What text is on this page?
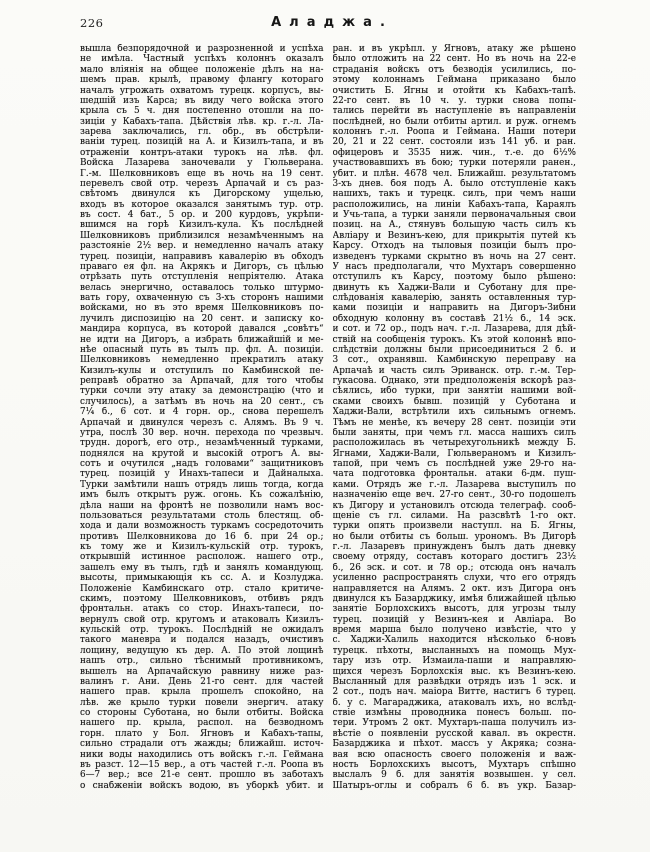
226	Аладжа.
вышла безпорядочной и разрозненной и успѣха
не имѣла. Частный успѣхъ колоннъ оказалъ
мало вліянія на общее положеніе дѣлъ на на-
шемъ прав. крылѣ, правому флангу котораго
началъ угрожать охватомъ турецк. корпусъ, вы-
шедшій изъ Карса; въ виду чего войска этого
крыла съ 5 ч. дня постепенно отошли на по-
зиціи у Кабахъ-тапа. Дѣйствія лѣв. кр. г.-л. Ла-
зарева заключались, гл. обр., въ обстрѣли-
ваніи турец. позицій на А. и Кизилъ-тапа, и въ
отраженіи контръ-атаки турокъ на лѣв. фл.
Войска Лазарева заночевали у Гюльверана.
Г.-м. Шелковниковъ еще въ ночь на 19 сент.
перевелъ свой отр. черезъ Арпачай и съ раз-
свѣтомъ двинулся къ Дигорскому ущелью,
входъ въ которое оказался занятымъ тур. отр.
въ сост. 4 бат., 5 ор. и 200 курдовъ, укрѣпи-
вшимся на горѣ Кизилъ-кула. Къ послѣдней
Шелковниковъ приблизился незамѣченнымъ на
разстояніе 2½ вер. и немедленно началъ атаку
турец. позиціи, направивъ кавалерію въ обходъ
праваго ея фл. на Акрякъ и Дигоръ, съ цѣлью
отрѣзать путь отступленія непріятелю. Атака
велась энергично, оставалось только штурмо-
вать гору, охваченную съ 3-хъ сторонъ нашими
войсками, но въ это время Шелковниковъ по-
лучилъ диспозицію на 20 сент. и записку ко-
мандира корпуса, въ которой давался „совѣтъ“
не идти на Дигоръ, а избрать ближайшій и ме-
нѣе опасный путь въ тылъ пр. фл. А. позиціи.
Шелковниковъ немедленно прекратилъ атаку
Кизилъ-кулы и отступилъ по Камбинской пе-
реправѣ обратно за Арпачай, для того чтобы
турки сочли эту атаку за демонстрацію (что и
случилось), а затѣмъ въ ночь на 20 сент., съ
7¼ б., 6 сот. и 4 горн. ор., снова перешелъ
Арпачай и двинулся черезъ с. Алямъ. Въ 9 ч.
утра, послѣ 30 вер. ночн. перехода по чрезвыч.
трудн. дорогѣ, его отр., незамѣченный турками,
поднялся на крутой и высокій отрогъ А. вы-
сотъ и очутился „надъ головами“ защитниковъ
турец. позицій у Инахъ-тапеси и Дайналыха.
Турки замѣтили нашъ отрядъ лишь тогда, когда
имъ былъ открытъ руж. огонь. Къ сожалѣнію,
дѣла наши на фронтѣ не позволили намъ вос-
пользоваться результатами столь блестящ. об-
хода и дали возможность туркамъ сосредоточить
противъ Шелковникова до 16 б. при 24 ор.;
къ тому же и Кизилъ-кульскій отр. турокъ,
открывшій истинное располож. нашего отр.,
зашелъ ему въ тылъ, гдѣ и занялъ командующ.
высоты, примыкающія къ сс. А. и Козлуджа.
Положеніе Камбинскаго отр. стало критиче-
скимъ, поэтому Шелковниковъ, отбивъ рядъ
фронтальн. атакъ со стор. Инахъ-тапеси, по-
вернулъ свой отр. кругомъ и атаковалъ Кизилъ-
кульскій отр. турокъ. Послѣдній не ожидалъ
такого маневра и подался назадъ, очистивъ
лощину, ведущую къ дер. А. По этой лощинѣ
нашъ отр., сильно тѣснимый противникомъ,
вышелъ на Арпачайскую равнину ниже раз-
валинъ г. Ани. День 21-го сент. для частей
нашего прав. крыла прошелъ спокойно, на
лѣв. же крыло турки повели энергич. атаку
со стороны Суботана, но были отбиты. Войска
нашего пр. крыла, распол. на безводномъ
горн. плато у Бол. Ягновъ и Кабахъ-тапы,
сильно страдали отъ жажды; ближайш. источ-
ники воды находились отъ войскъ г.-л. Геймана
въ разст. 12—15 вер., а отъ частей г.-л. Роопа въ
6—7 вер.; все 21-е сент. прошло въ заботахъ
о снабженіи войскъ водою, въ уборкѣ убит. и
ран. и въ укрѣпл. у Ягновъ, атаку же рѣшено
было отложить на 22 сент. Но въ ночь на 22-е
страданія войскъ отъ безводія усилились, по-
этому колоннамъ Геймана приказано было
очистить Б. Ягны и отойти къ Кабахъ-тапѣ.
22-го сент. въ 10 ч. у. турки снова попы-
тались перейти въ наступленіе въ направленіи
послѣдней, но были отбиты артил. и руж. огнемъ
колоннъ г.-л. Роопа и Геймана. Наши потери
20, 21 и 22 сент. состояли изъ 141 уб. и ран.
офицеровъ и 3535 ниж. чин., т.-е. до 6½%
участвовавшихъ въ бою; турки потеряли ранен.,
убит. и плѣн. 4678 чел. Ближайш. результатомъ
3-хъ днев. боя подъ А. было отступленіе какъ
нашихъ, такъ и турецк. силъ, при чемъ наши
расположились, на линіи Кабахъ-тапа, Караялъ
и Учь-тапа, а турки заняли первоначальныя свои
позиц. на А., стянувъ большую часть силъ къ
Авліару и Везинъ-кею, для прикрытія путей къ
Карсу. Отходъ на тыловыя позиціи былъ про-
изведенъ турками скрытно въ ночь на 27 сент.
У насъ предполагали, что Мухтаръ совершенно
отступилъ къ Карсу, поэтому было рѣшено:
двинуть къ Хаджи-Вали и Суботану для пре-
слѣдованія кавалерію, занять оставленныя тур-
ками позиціи и направить на Дигоръ-Зибни
обходную колонну въ составѣ 21½ б., 14 эск.
и сот. и 72 ор., подъ нач. г.-л. Лазарева, для дѣй-
ствій на сообщенія турокъ. Къ этой колоннѣ впо-
слѣдствіи должны были присоединиться 2 б. и
3 сот., охранявш. Камбинскую переправу на
Арпачаѣ и часть силъ Эриванск. отр. г.-м. Тер-
гукасова. Однако, эти предположенія вскорѣ раз-
сѣялись, ибо турки, при занятіи нашими вой-
сками своихъ бывш. позицій у Суботана и
Хаджи-Вали, встрѣтили ихъ сильнымъ огнемъ.
Тѣмъ не менѣе, къ вечеру 28 сент. позиціи эти
были заняты, при чемъ гл. масса нашихъ силъ
расположилась въ четырехугольникѣ между Б.
Ягнами, Хаджи-Вали, Гюльвераномъ и Кизилъ-
тапой, при чемъ съ послѣдней уже 29-го на-
чата подготовка фронтальн. атаки 6-дм. пуш-
ками. Отрядъ же г.-л. Лазарева выступилъ по
назначенію еще веч. 27-го сент., 30-го подошелъ
къ Дигору и установилъ отсюда телеграф. сооб-
щеніе съ гл. силами. На разсвѣтѣ 1-го окт.
турки опять произвели наступл. на Б. Ягны,
но были отбиты съ больш. урономъ. Въ Дигорѣ
г.-л. Лазаревъ принужденъ былъ дать дневку
своему отряду, составъ котораго достигъ 23½
б., 26 эск. и сот. и 78 ор.; отсюда онъ началъ
усиленно распространять слухи, что его отрядъ
направляется на Алямъ. 2 окт. изъ Дигора онъ
двинулся къ Базарджику, имѣя ближайшей цѣлью
занятіе Борлохскихъ высотъ, для угрозы тылу
турец. позицій у Везинъ-кея и Авліара. Во
время марша было получено извѣстіе, что у
с. Хаджи-Халиль находится нѣсколько б-новъ
турецк. пѣхоты, высланныхъ на помощь Мух-
тару изъ отр. Измаила-паши и направляю-
щихся черезъ Борлохскія выс. къ Везинъ-кею.
Высланный для развѣдки отрядъ изъ 1 эск. и
2 сот., подъ нач. маіора Витте, настигъ 6 турец.
б. у с. Магараджика, атаковалъ ихъ, но вслѣд-
ствіе измѣны проводника понесъ больш. по-
тери. Утромъ 2 окт. Мухтаръ-паша получилъ из-
вѣстіе о появленіи русской кавал. въ окрестн.
Базарджика и пѣхот. массъ у Акряка; созна-
вая всю опасность своего положенія и важ-
ность Борлохскихъ высотъ, Мухтаръ спѣшно
выслалъ 9 б. для занятія возвышен. у сел.
Шатыръ-оглы и собралъ 6 б. въ укр. Базар-
